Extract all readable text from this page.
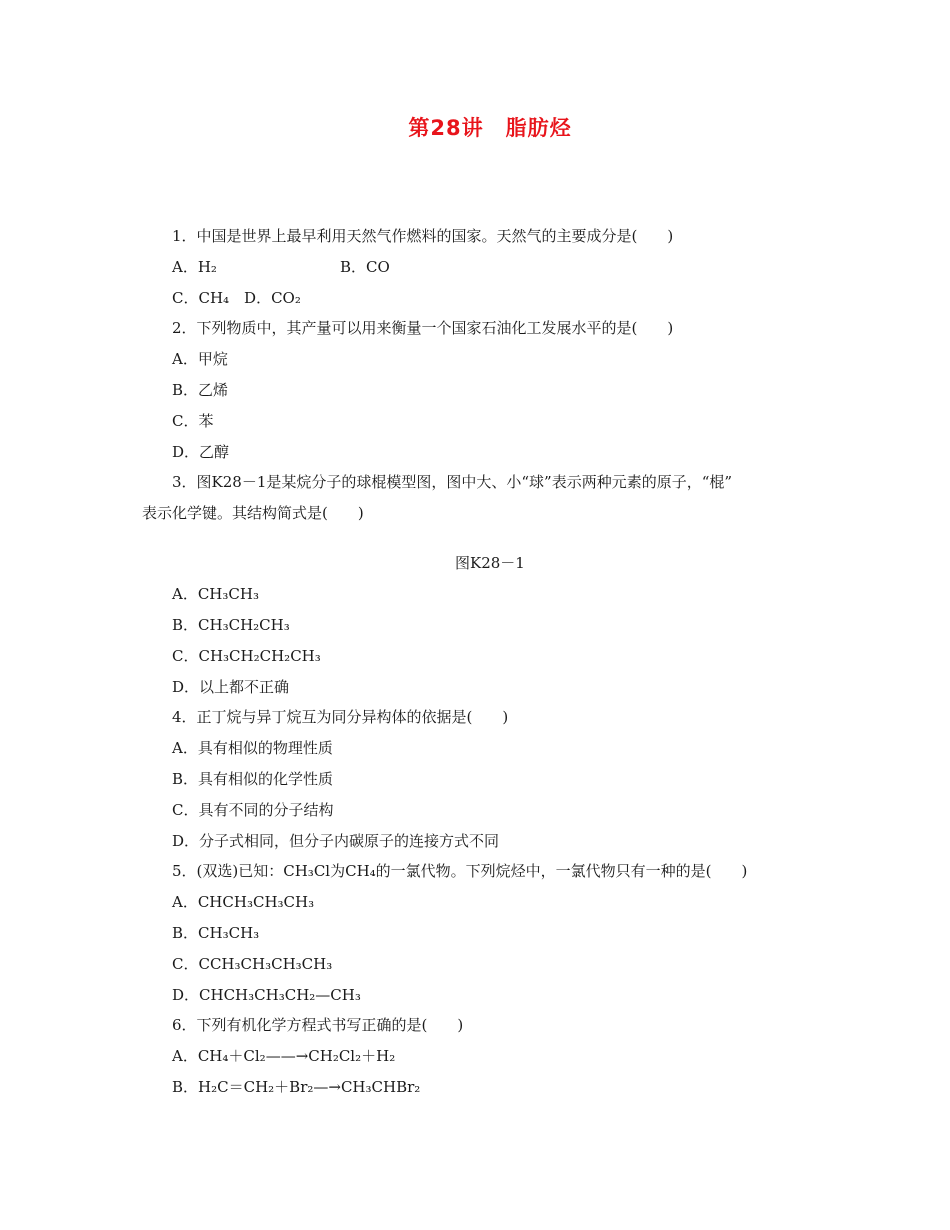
第28讲　脂肪烃
1．中国是世界上最早利用天然气作燃料的国家。天然气的主要成分是(　　)
A．H₂	B．CO
C．CH₄　D．CO₂
2．下列物质中，其产量可以用来衡量一个国家石油化工发展水平的是(　　)
A．甲烷
B．乙烯
C．苯
D．乙醇
3．图K28－1是某烷分子的球棍模型图，图中大、小“球”表示两种元素的原子，“棍”
表示化学键。其结构简式是(　　)
图K28－1
A．CH₃CH₃
B．CH₃CH₂CH₃
C．CH₃CH₂CH₂CH₃
D．以上都不正确
4．正丁烷与异丁烷互为同分异构体的依据是(　　)
A．具有相似的物理性质
B．具有相似的化学性质
C．具有不同的分子结构
D．分子式相同，但分子内碳原子的连接方式不同
5．(双选)已知：CH₃Cl为CH₄的一氯代物。下列烷烃中，一氯代物只有一种的是(　　)
A．CHCH₃CH₃CH₃
B．CH₃CH₃
C．CCH₃CH₃CH₃CH₃
D．CHCH₃CH₃CH₂—CH₃
6．下列有机化学方程式书写正确的是(　　)
A．CH₄＋Cl₂——→CH₂Cl₂＋H₂
B．H₂C＝CH₂＋Br₂—→CH₃CHBr₂
